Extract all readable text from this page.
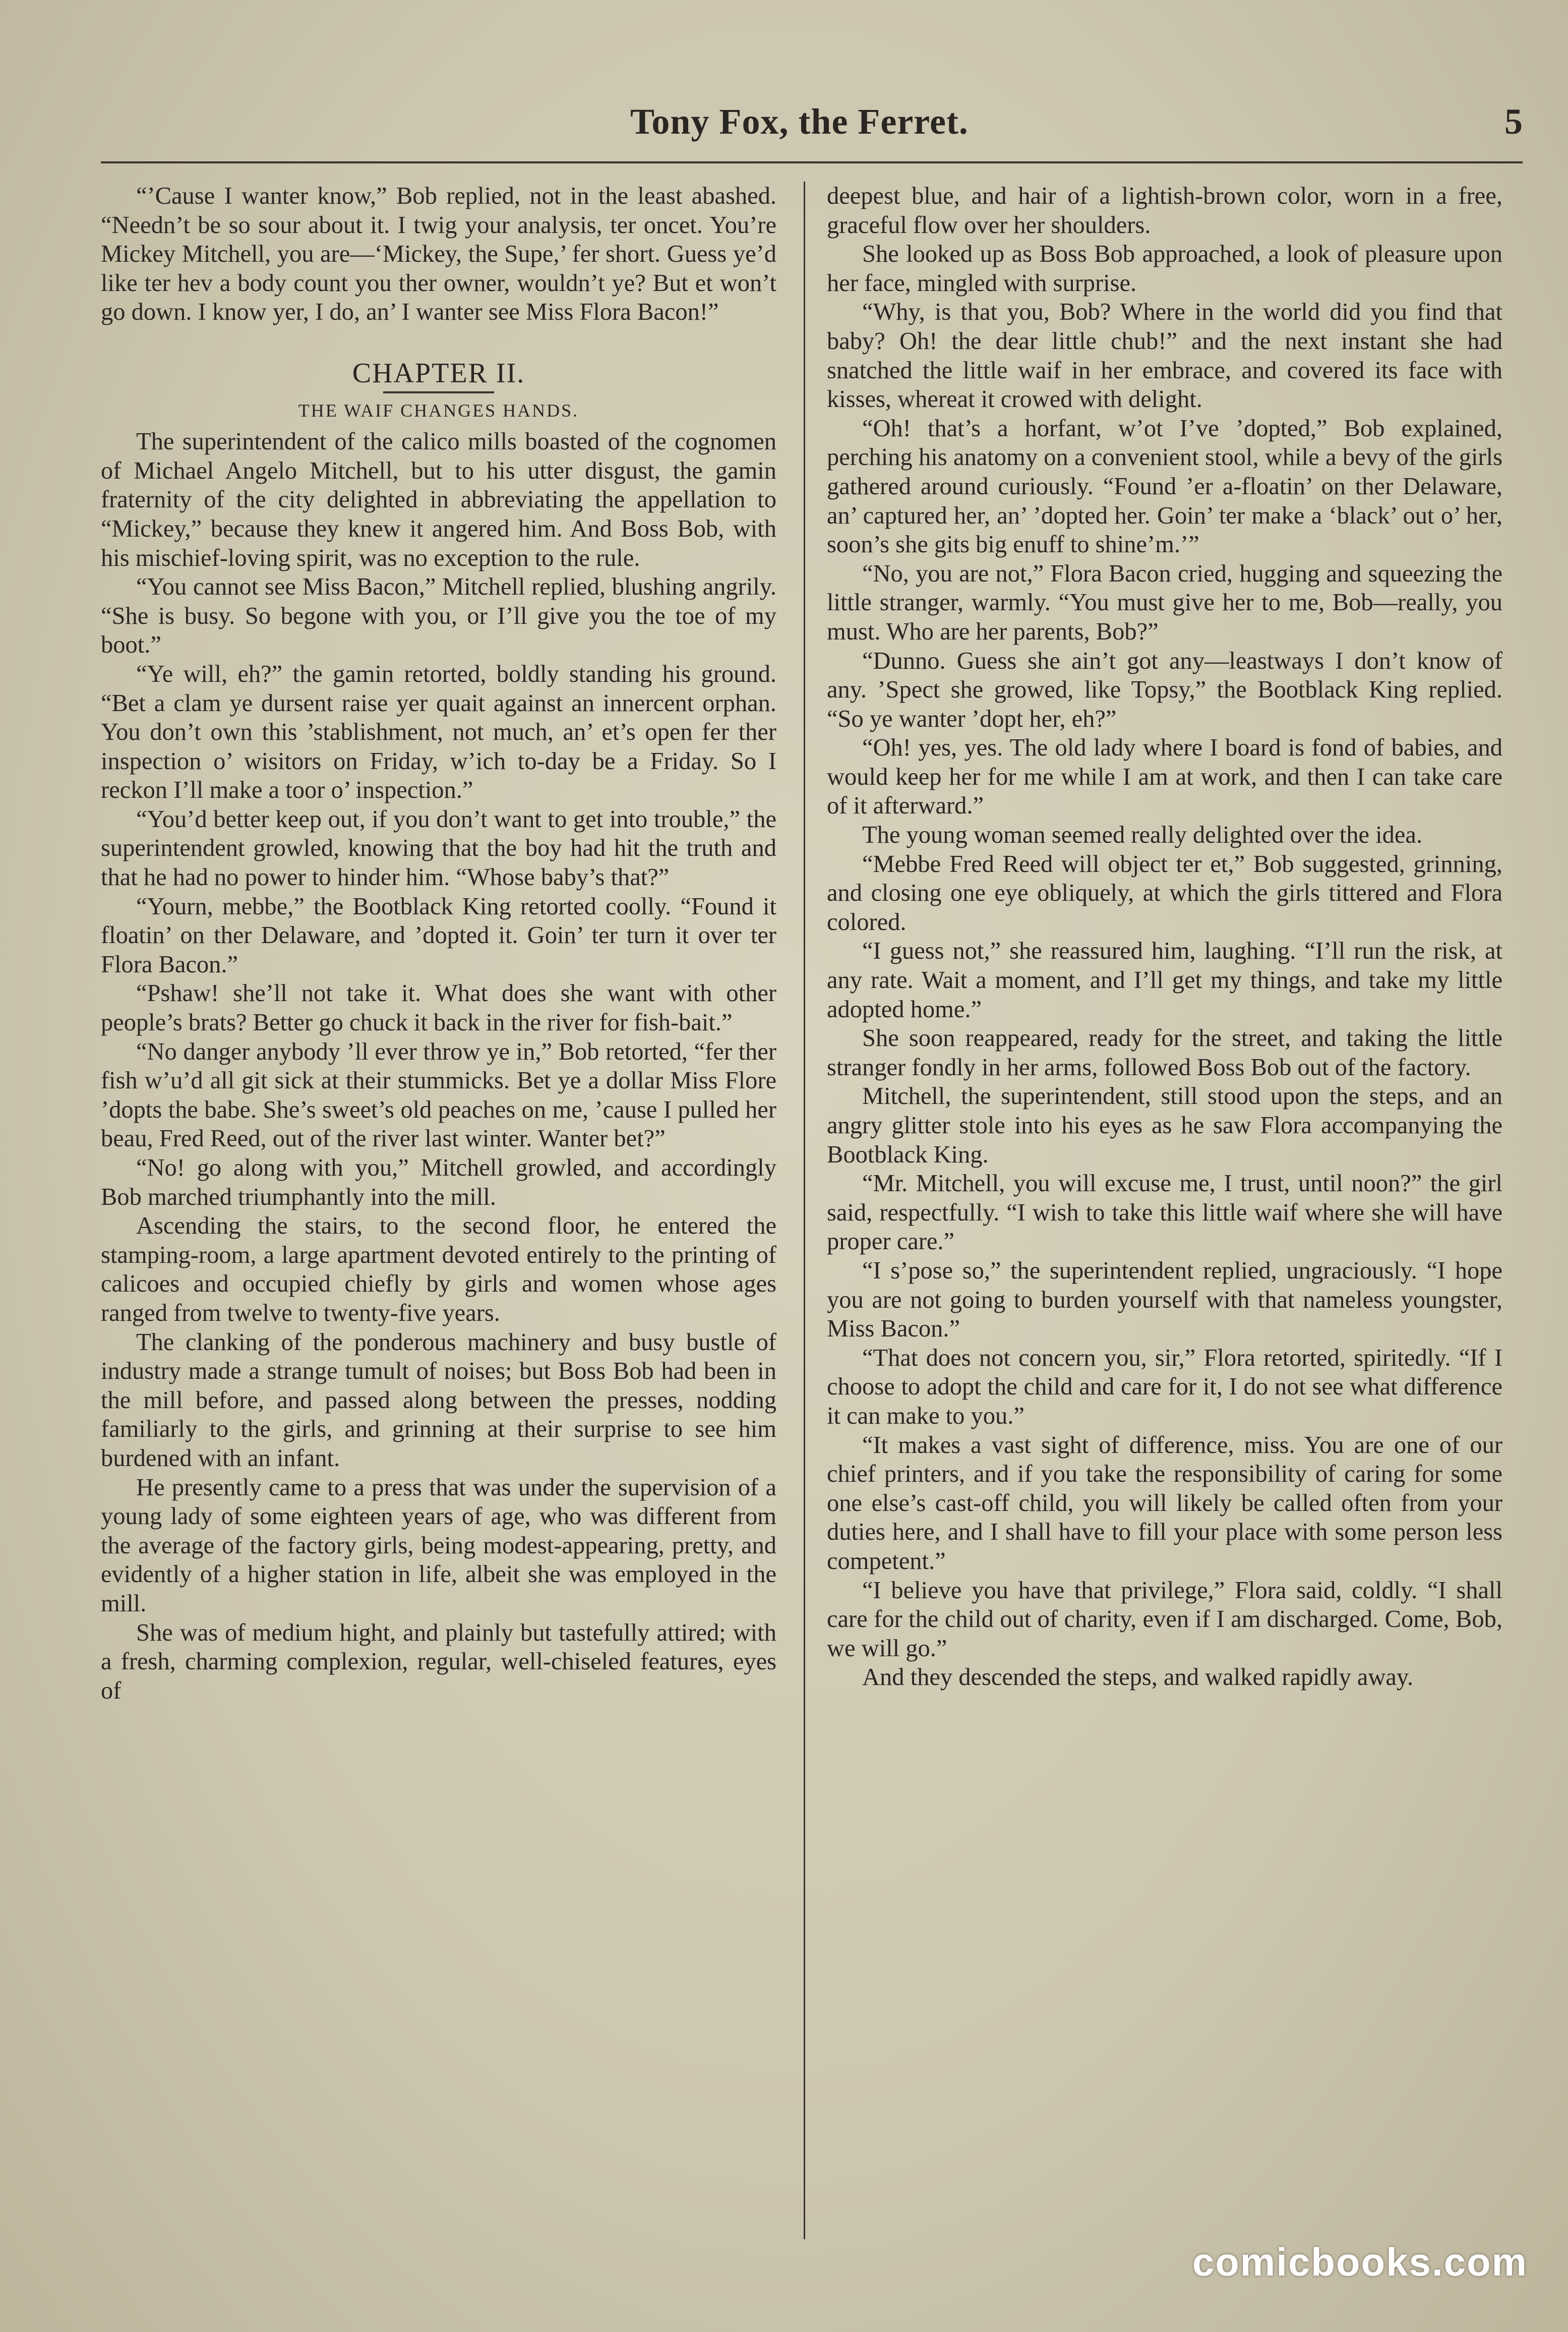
Tony Fox, the Ferret.	5

“’Cause I wanter know,” Bob replied, not in the least abashed. “Needn’t be so sour about it. I twig your analysis, ter oncet. You’re Mickey Mitchell, you are—‘Mickey, the Supe,’ fer short. Guess ye’d like ter hev a body count you ther owner, wouldn’t ye? But et won’t go down. I know yer, I do, an’ I wanter see Miss Flora Bacon!”

CHAPTER II.
THE WAIF CHANGES HANDS.

The superintendent of the calico mills boasted of the cognomen of Michael Angelo Mitchell, but to his utter disgust, the gamin fraternity of the city delighted in abbreviating the appellation to “Mickey,” because they knew it angered him. And Boss Bob, with his mischief-loving spirit, was no exception to the rule.

“You cannot see Miss Bacon,” Mitchell replied, blushing angrily. “She is busy. So begone with you, or I’ll give you the toe of my boot.”

“Ye will, eh?” the gamin retorted, boldly standing his ground. “Bet a clam ye dursent raise yer quait against an innercent orphan. You don’t own this ’stablishment, not much, an’ et’s open fer ther inspection o’ wisitors on Friday, w’ich to-day be a Friday. So I reckon I’ll make a toor o’ inspection.”

“You’d better keep out, if you don’t want to get into trouble,” the superintendent growled, knowing that the boy had hit the truth and that he had no power to hinder him. “Whose baby’s that?”

“Yourn, mebbe,” the Bootblack King retorted coolly. “Found it floatin’ on ther Delaware, and ’dopted it. Goin’ ter turn it over ter Flora Bacon.”

“Pshaw! she’ll not take it. What does she want with other people’s brats? Better go chuck it back in the river for fish-bait.”

“No danger anybody ’ll ever throw ye in,” Bob retorted, “fer ther fish w’u’d all git sick at their stummicks. Bet ye a dollar Miss Flore ’dopts the babe. She’s sweet’s old peaches on me, ’cause I pulled her beau, Fred Reed, out of the river last winter. Wanter bet?”

“No! go along with you,” Mitchell growled, and accordingly Bob marched triumphantly into the mill.

Ascending the stairs, to the second floor, he entered the stamping-room, a large apartment devoted entirely to the printing of calicoes and occupied chiefly by girls and women whose ages ranged from twelve to twenty-five years.

The clanking of the ponderous machinery and busy bustle of industry made a strange tumult of noises; but Boss Bob had been in the mill before, and passed along between the presses, nodding familiarly to the girls, and grinning at their surprise to see him burdened with an infant.

He presently came to a press that was under the supervision of a young lady of some eighteen years of age, who was different from the average of the factory girls, being modest-appearing, pretty, and evidently of a higher station in life, albeit she was employed in the mill.

She was of medium hight, and plainly but tastefully attired; with a fresh, charming complexion, regular, well-chiseled features, eyes of

deepest blue, and hair of a lightish-brown color, worn in a free, graceful flow over her shoulders.

She looked up as Boss Bob approached, a look of pleasure upon her face, mingled with surprise.

“Why, is that you, Bob? Where in the world did you find that baby? Oh! the dear little chub!” and the next instant she had snatched the little waif in her embrace, and covered its face with kisses, whereat it crowed with delight.

“Oh! that’s a horfant, w’ot I’ve ’dopted,” Bob explained, perching his anatomy on a convenient stool, while a bevy of the girls gathered around curiously. “Found ’er a-floatin’ on ther Delaware, an’ captured her, an’ ’dopted her. Goin’ ter make a ‘black’ out o’ her, soon’s she gits big enuff to shine’m.’”

“No, you are not,” Flora Bacon cried, hugging and squeezing the little stranger, warmly. “You must give her to me, Bob—really, you must. Who are her parents, Bob?”

“Dunno. Guess she ain’t got any—leastways I don’t know of any. ’Spect she growed, like Topsy,” the Bootblack King replied. “So ye wanter ’dopt her, eh?”

“Oh! yes, yes. The old lady where I board is fond of babies, and would keep her for me while I am at work, and then I can take care of it afterward.”

The young woman seemed really delighted over the idea.

“Mebbe Fred Reed will object ter et,” Bob suggested, grinning, and closing one eye obliquely, at which the girls tittered and Flora colored.

“I guess not,” she reassured him, laughing. “I’ll run the risk, at any rate. Wait a moment, and I’ll get my things, and take my little adopted home.”

She soon reappeared, ready for the street, and taking the little stranger fondly in her arms, followed Boss Bob out of the factory.

Mitchell, the superintendent, still stood upon the steps, and an angry glitter stole into his eyes as he saw Flora accompanying the Bootblack King.

“Mr. Mitchell, you will excuse me, I trust, until noon?” the girl said, respectfully. “I wish to take this little waif where she will have proper care.”

“I s’pose so,” the superintendent replied, ungraciously. “I hope you are not going to burden yourself with that nameless youngster, Miss Bacon.”

“That does not concern you, sir,” Flora retorted, spiritedly. “If I choose to adopt the child and care for it, I do not see what difference it can make to you.”

“It makes a vast sight of difference, miss. You are one of our chief printers, and if you take the responsibility of caring for some one else’s cast-off child, you will likely be called often from your duties here, and I shall have to fill your place with some person less competent.”

“I believe you have that privilege,” Flora said, coldly. “I shall care for the child out of charity, even if I am discharged. Come, Bob, we will go.”

And they descended the steps, and walked rapidly away.

comicbooks.com
